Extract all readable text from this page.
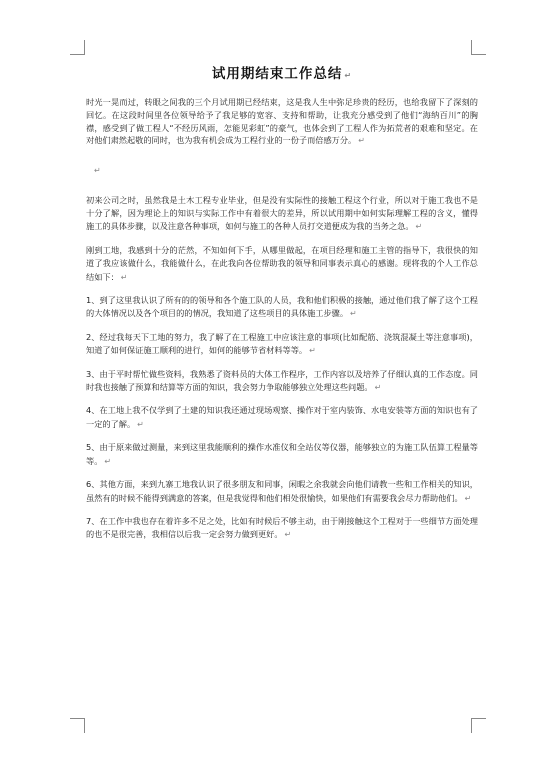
试用期结束工作总结 ↵

时光一晃而过，转眼之间我的三个月试用期已经结束，这是我人生中弥足珍贵的经历，也给我留下了深刻的回忆。在这段时间里各位领导给予了我足够的宽容、支持和帮助，让我充分感受到了他们“海纳百川”的胸襟，感受到了做工程人“不经历风雨，怎能见彩虹”的豪气，也体会到了工程人作为拓荒者的艰难和坚定。在对他们肃然起敬的同时，也为我有机会成为工程行业的一份子而倍感万分。 ↵

↵

初来公司之时，虽然我是土木工程专业毕业，但是没有实际性的接触工程这个行业，所以对于施工我也不是十分了解，因为理论上的知识与实际工作中有着很大的差异，所以试用期中如何实际理解工程的含义，懂得施工的具体步骤，以及注意各种事项，如何与施工的各种人员打交道便成为我的当务之急。 ↵

刚到工地，我感到十分的茫然，不知如何下手，从哪里做起，在项目经理和施工主管的指导下，我很快的知道了我应该做什么，我能做什么，在此我向各位帮助我的领导和同事表示真心的感谢。现将我的个人工作总结如下： ↵

1、到了这里我认识了所有的的领导和各个施工队的人员，我和他们积极的接触，通过他们我了解了这个工程的大体情况以及各个项目的的情况，我知道了这些项目的具体施工步骤。 ↵

2、经过我每天下工地的努力，我了解了在工程施工中应该注意的事项(比如配筋、浇筑混凝土等注意事项)，知道了如何保证施工顺利的进行，如何的能够节省材料等等。 ↵

3、由于平时帮忙做些资料，我熟悉了资料员的大体工作程序，工作内容以及培养了仔细认真的工作态度。同时我也接触了预算和结算等方面的知识，我会努力争取能够独立处理这些问题。 ↵

4、在工地上我不仅学到了土建的知识我还通过现场观察、操作对于室内装饰、水电安装等方面的知识也有了一定的了解。 ↵

5、由于原来做过测量，来到这里我能顺利的操作水准仪和全站仪等仪器，能够独立的为施工队伍算工程量等等。 ↵

6、其他方面，来到九寨工地我认识了很多朋友和同事，闲暇之余我就会向他们请教一些和工作相关的知识，虽然有的时候不能得到满意的答案，但是我觉得和他们相处很愉快，如果他们有需要我会尽力帮助他们。 ↵

7、在工作中我也存在着许多不足之处，比如有时候后不够主动，由于刚接触这个工程对于一些细节方面处理的也不是很完善，我相信以后我一定会努力做到更好。 ↵
